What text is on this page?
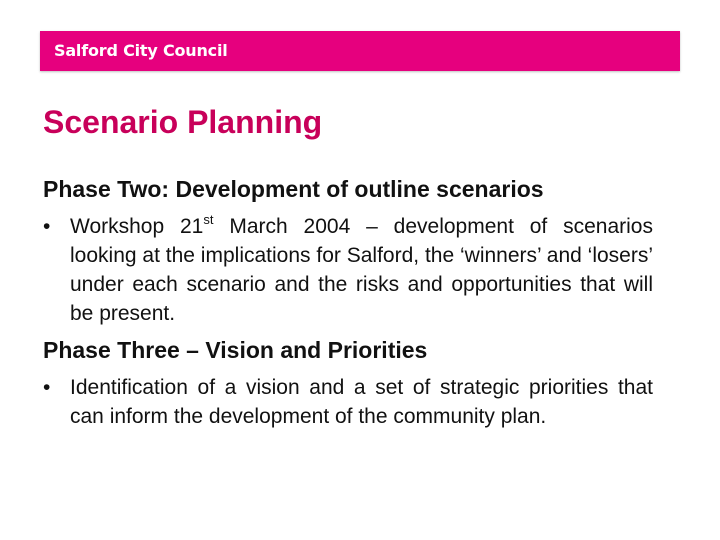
Salford City Council
Scenario Planning
Phase Two: Development of outline scenarios
• Workshop 21st March 2004 – development of scenarios looking at the implications for Salford, the ‘winners’ and ‘losers’ under each scenario and the risks and opportunities that will be present.
Phase Three – Vision and Priorities
• Identification of a vision and a set of strategic priorities that can inform the development of the community plan.
